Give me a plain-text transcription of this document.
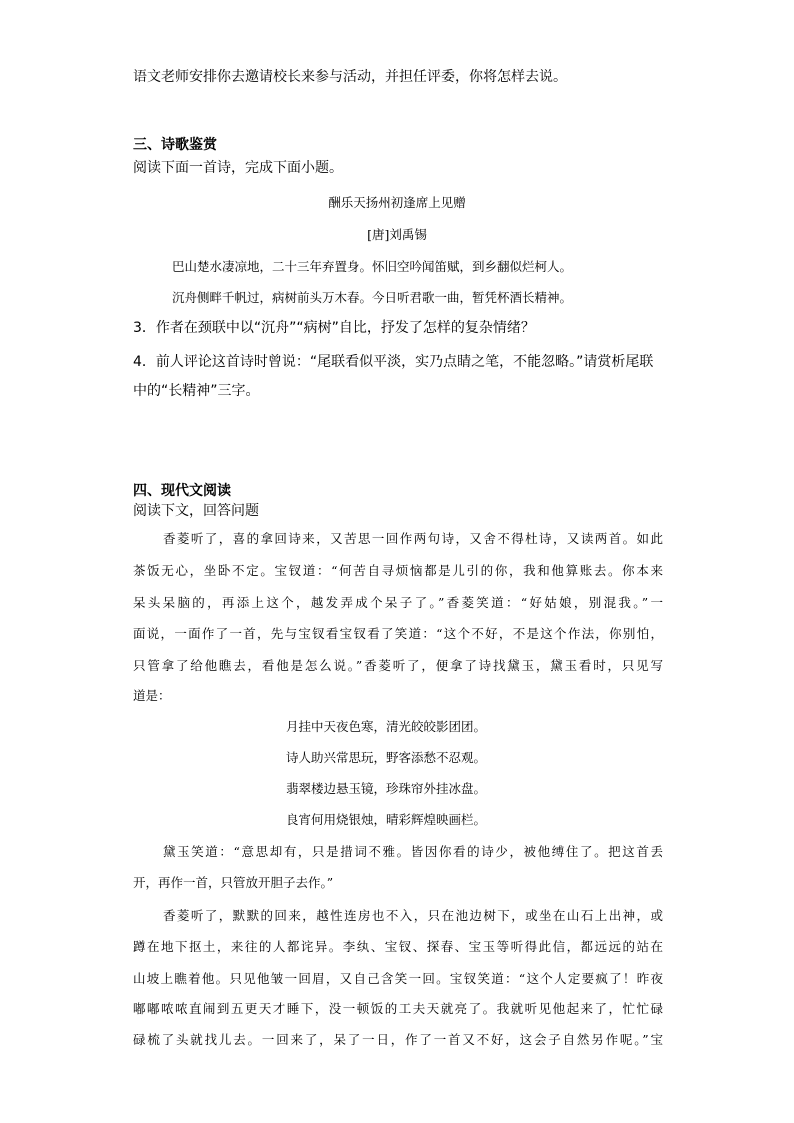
语文老师安排你去邀请校长来参与活动，并担任评委，你将怎样去说。
三、诗歌鉴赏
阅读下面一首诗，完成下面小题。
酬乐天扬州初逢席上见赠
[唐]刘禹锡
巴山楚水凄凉地，二十三年弃置身。怀旧空吟闻笛赋，到乡翻似烂柯人。
沉舟侧畔千帆过，病树前头万木春。今日听君歌一曲，暂凭杯酒长精神。
3．作者在颈联中以“沉舟”“病树”自比，抒发了怎样的复杂情绪？
4．前人评论这首诗时曾说：“尾联看似平淡，实乃点睛之笔，不能忽略。”请赏析尾联
中的“长精神”三字。
四、现代文阅读
阅读下文，回答问题
香菱听了，喜的拿回诗来，又苦思一回作两句诗，又舍不得杜诗，又读两首。如此
茶饭无心，坐卧不定。宝钗道：“何苦自寻烦恼都是儿引的你，我和他算账去。你本来
呆头呆脑的，再添上这个，越发弄成个呆子了。”香菱笑道：“好姑娘，别混我。”一
面说，一面作了一首，先与宝钗看宝钗看了笑道：“这个不好，不是这个作法，你别怕，
只管拿了给他瞧去，看他是怎么说。”香菱听了，便拿了诗找黛玉，黛玉看时，只见写
道是：
月挂中天夜色寒，清光皎皎影团团。
诗人助兴常思玩，野客添愁不忍观。
翡翠楼边悬玉镜，珍珠帘外挂冰盘。
良宵何用烧银烛，晴彩辉煌映画栏。
黛玉笑道：“意思却有，只是措词不雅。皆因你看的诗少，被他缚住了。把这首丢
开，再作一首，只管放开胆子去作。”
香菱听了，默默的回来，越性连房也不入，只在池边树下，或坐在山石上出神，或
蹲在地下抠土，来往的人都诧异。李纨、宝钗、探春、宝玉等听得此信，都远远的站在
山坡上瞧着他。只见他皱一回眉，又自己含笑一回。宝钗笑道：“这个人定要疯了！昨夜
嘟嘟哝哝直闹到五更天才睡下，没一顿饭的工夫天就亮了。我就听见他起来了，忙忙碌
碌梳了头就找儿去。一回来了，呆了一日，作了一首又不好，这会子自然另作呢。”宝
